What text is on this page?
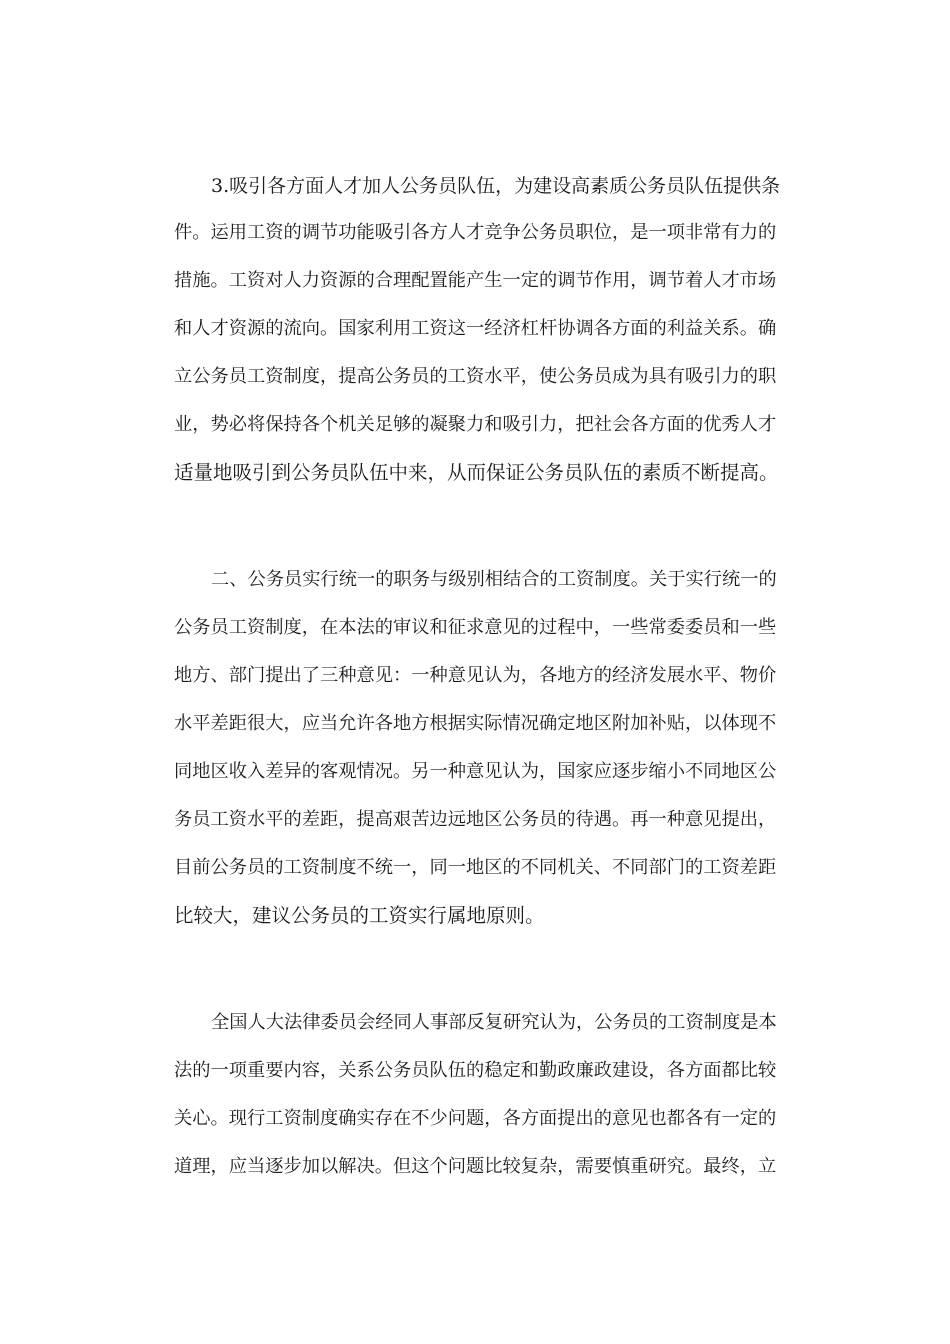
3.吸引各方面人才加人公务员队伍，为建设高素质公务员队伍提供条
件。运用工资的调节功能吸引各方人才竞争公务员职位，是一项非常有力的
措施。工资对人力资源的合理配置能产生一定的调节作用，调节着人才市场
和人才资源的流向。国家利用工资这一经济杠杆协调各方面的利益关系。确
立公务员工资制度，提高公务员的工资水平，使公务员成为具有吸引力的职
业，势必将保持各个机关足够的凝聚力和吸引力，把社会各方面的优秀人才
适量地吸引到公务员队伍中来，从而保证公务员队伍的素质不断提高。
二、公务员实行统一的职务与级别相结合的工资制度。关于实行统一的
公务员工资制度，在本法的审议和征求意见的过程中，一些常委委员和一些
地方、部门提出了三种意见：一种意见认为，各地方的经济发展水平、物价
水平差距很大，应当允许各地方根据实际情况确定地区附加补贴，以体现不
同地区收入差异的客观情况。另一种意见认为，国家应逐步缩小不同地区公
务员工资水平的差距，提高艰苦边远地区公务员的待遇。再一种意见提出，
目前公务员的工资制度不统一，同一地区的不同机关、不同部门的工资差距
比较大，建议公务员的工资实行属地原则。
全国人大法律委员会经同人事部反复研究认为，公务员的工资制度是本
法的一项重要内容，关系公务员队伍的稳定和勤政廉政建设，各方面都比较
关心。现行工资制度确实存在不少问题，各方面提出的意见也都各有一定的
道理，应当逐步加以解决。但这个问题比较复杂，需要慎重研究。最终，立
